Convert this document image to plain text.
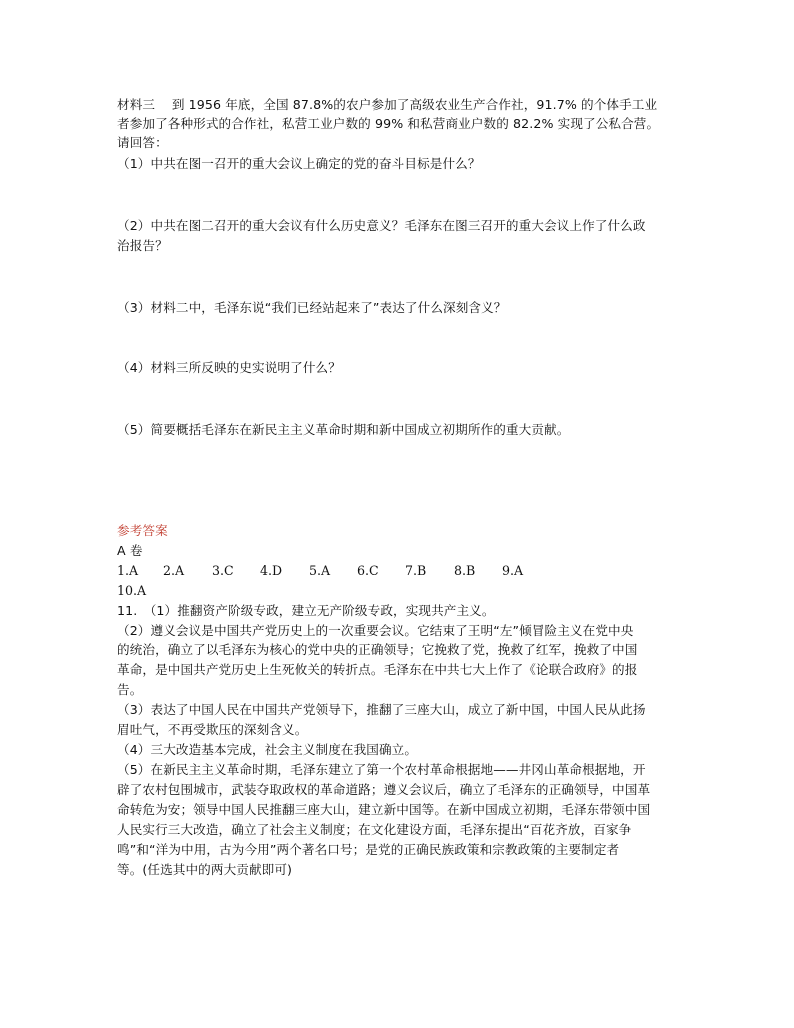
材料三　 到 1956 年底，全国 87.8%的农户参加了高级农业生产合作社，91.7% 的个体手工业
者参加了各种形式的合作社，私营工业户数的 99% 和私营商业户数的 82.2% 实现了公私合营。
请回答：
（1）中共在图一召开的重大会议上确定的党的奋斗目标是什么？
（2）中共在图二召开的重大会议有什么历史意义？毛泽东在图三召开的重大会议上作了什么政
治报告？
（3）材料二中，毛泽东说“我们已经站起来了”表达了什么深刻含义？
（4）材料三所反映的史实说明了什么？
（5）简要概括毛泽东在新民主主义革命时期和新中国成立初期所作的重大贡献。
参考答案
A 卷
1.A 2.A 3.C 4.D 5.A 6.C 7.B 8.B 9.A
10.A
11.　（1）推翻资产阶级专政，建立无产阶级专政，实现共产主义。
（2）遵义会议是中国共产党历史上的一次重要会议。它结束了王明“左”倾冒险主义在党中央
的统治，确立了以毛泽东为核心的党中央的正确领导；它挽救了党，挽救了红军，挽救了中国
革命，是中国共产党历史上生死攸关的转折点。毛泽东在中共七大上作了《论联合政府》的报
告。
（3）表达了中国人民在中国共产党领导下，推翻了三座大山，成立了新中国，中国人民从此扬
眉吐气，不再受欺压的深刻含义。
（4）三大改造基本完成，社会主义制度在我国确立。
（5）在新民主主义革命时期，毛泽东建立了第一个农村革命根据地——井冈山革命根据地，开
辟了农村包围城市，武装夺取政权的革命道路；遵义会议后，确立了毛泽东的正确领导，中国革
命转危为安；领导中国人民推翻三座大山，建立新中国等。在新中国成立初期，毛泽东带领中国
人民实行三大改造，确立了社会主义制度；在文化建设方面，毛泽东提出“百花齐放，百家争
鸣”和“洋为中用，古为今用”两个著名口号；是党的正确民族政策和宗教政策的主要制定者
等。(任选其中的两大贡献即可)
